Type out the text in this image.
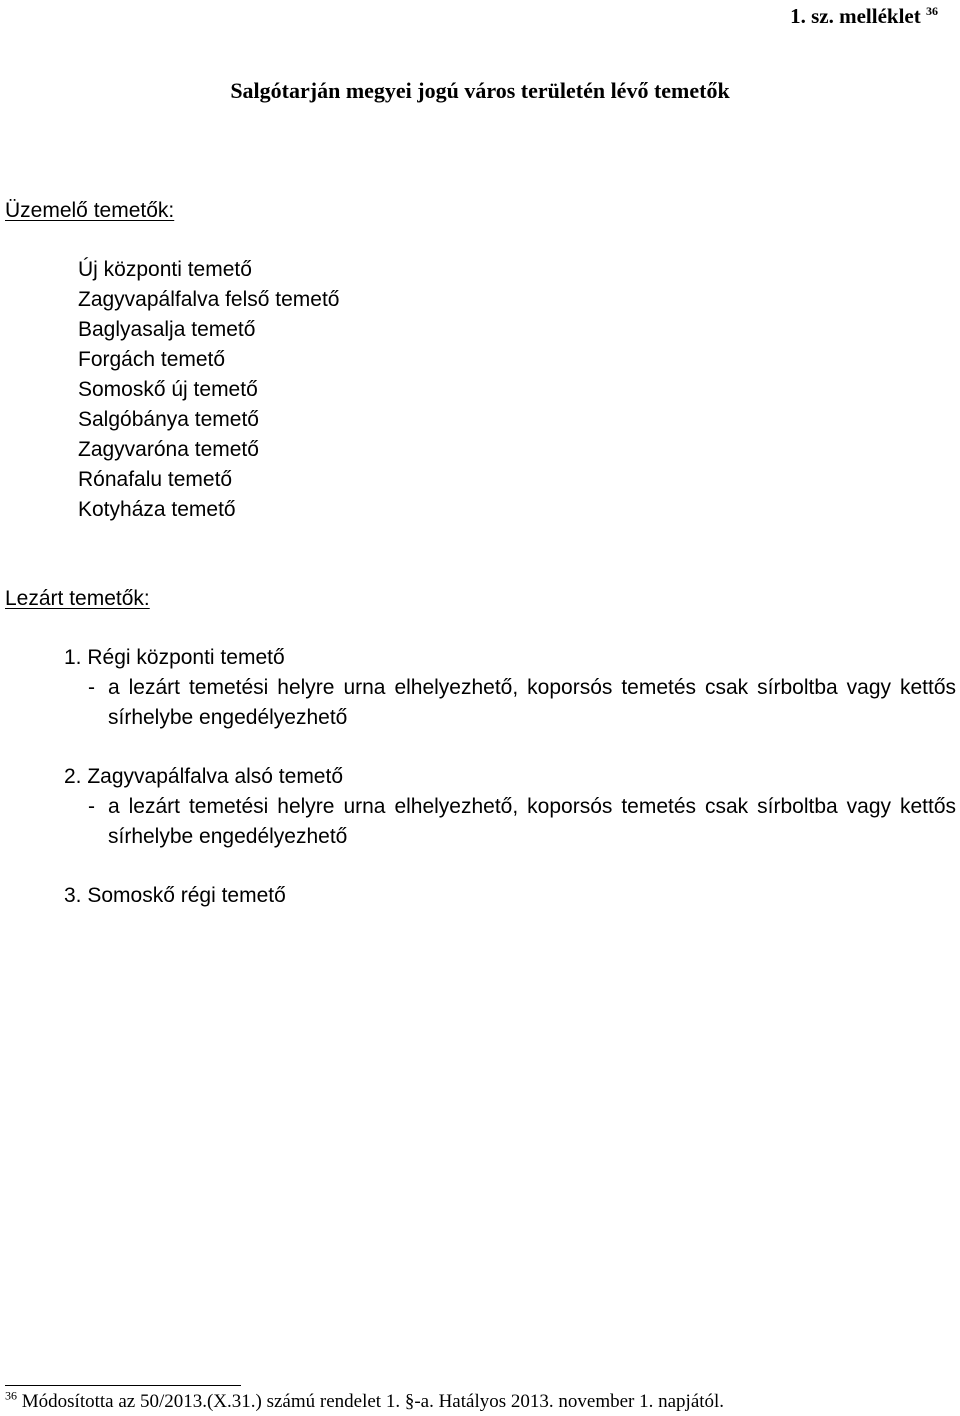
1. sz. melléklet $^{36}$
Salgótarján megyei jogú város területén lévő temetők
Üzemelő temetők:
Új központi temető
Zagyvapálfalva felső temető
Baglyasalja temető
Forgách temető
Somoskő új temető
Salgóbánya temető
Zagyvaróna temető
Rónafalu temető
Kotyháza temető
Lezárt temetők:
1. Régi központi temető
- a lezárt temetési helyre urna elhelyezhető, koporsós temetés csak sírboltba vagy kettős sírhelybe engedélyezhető
2. Zagyvapálfalva alsó temető
- a lezárt temetési helyre urna elhelyezhető, koporsós temetés csak sírboltba vagy kettős sírhelybe engedélyezhető
3. Somoskő régi temető
$^{36}$ Módosította az 50/2013.(X.31.) számú rendelet 1. §-a. Hatályos 2013. november 1. napjától.
